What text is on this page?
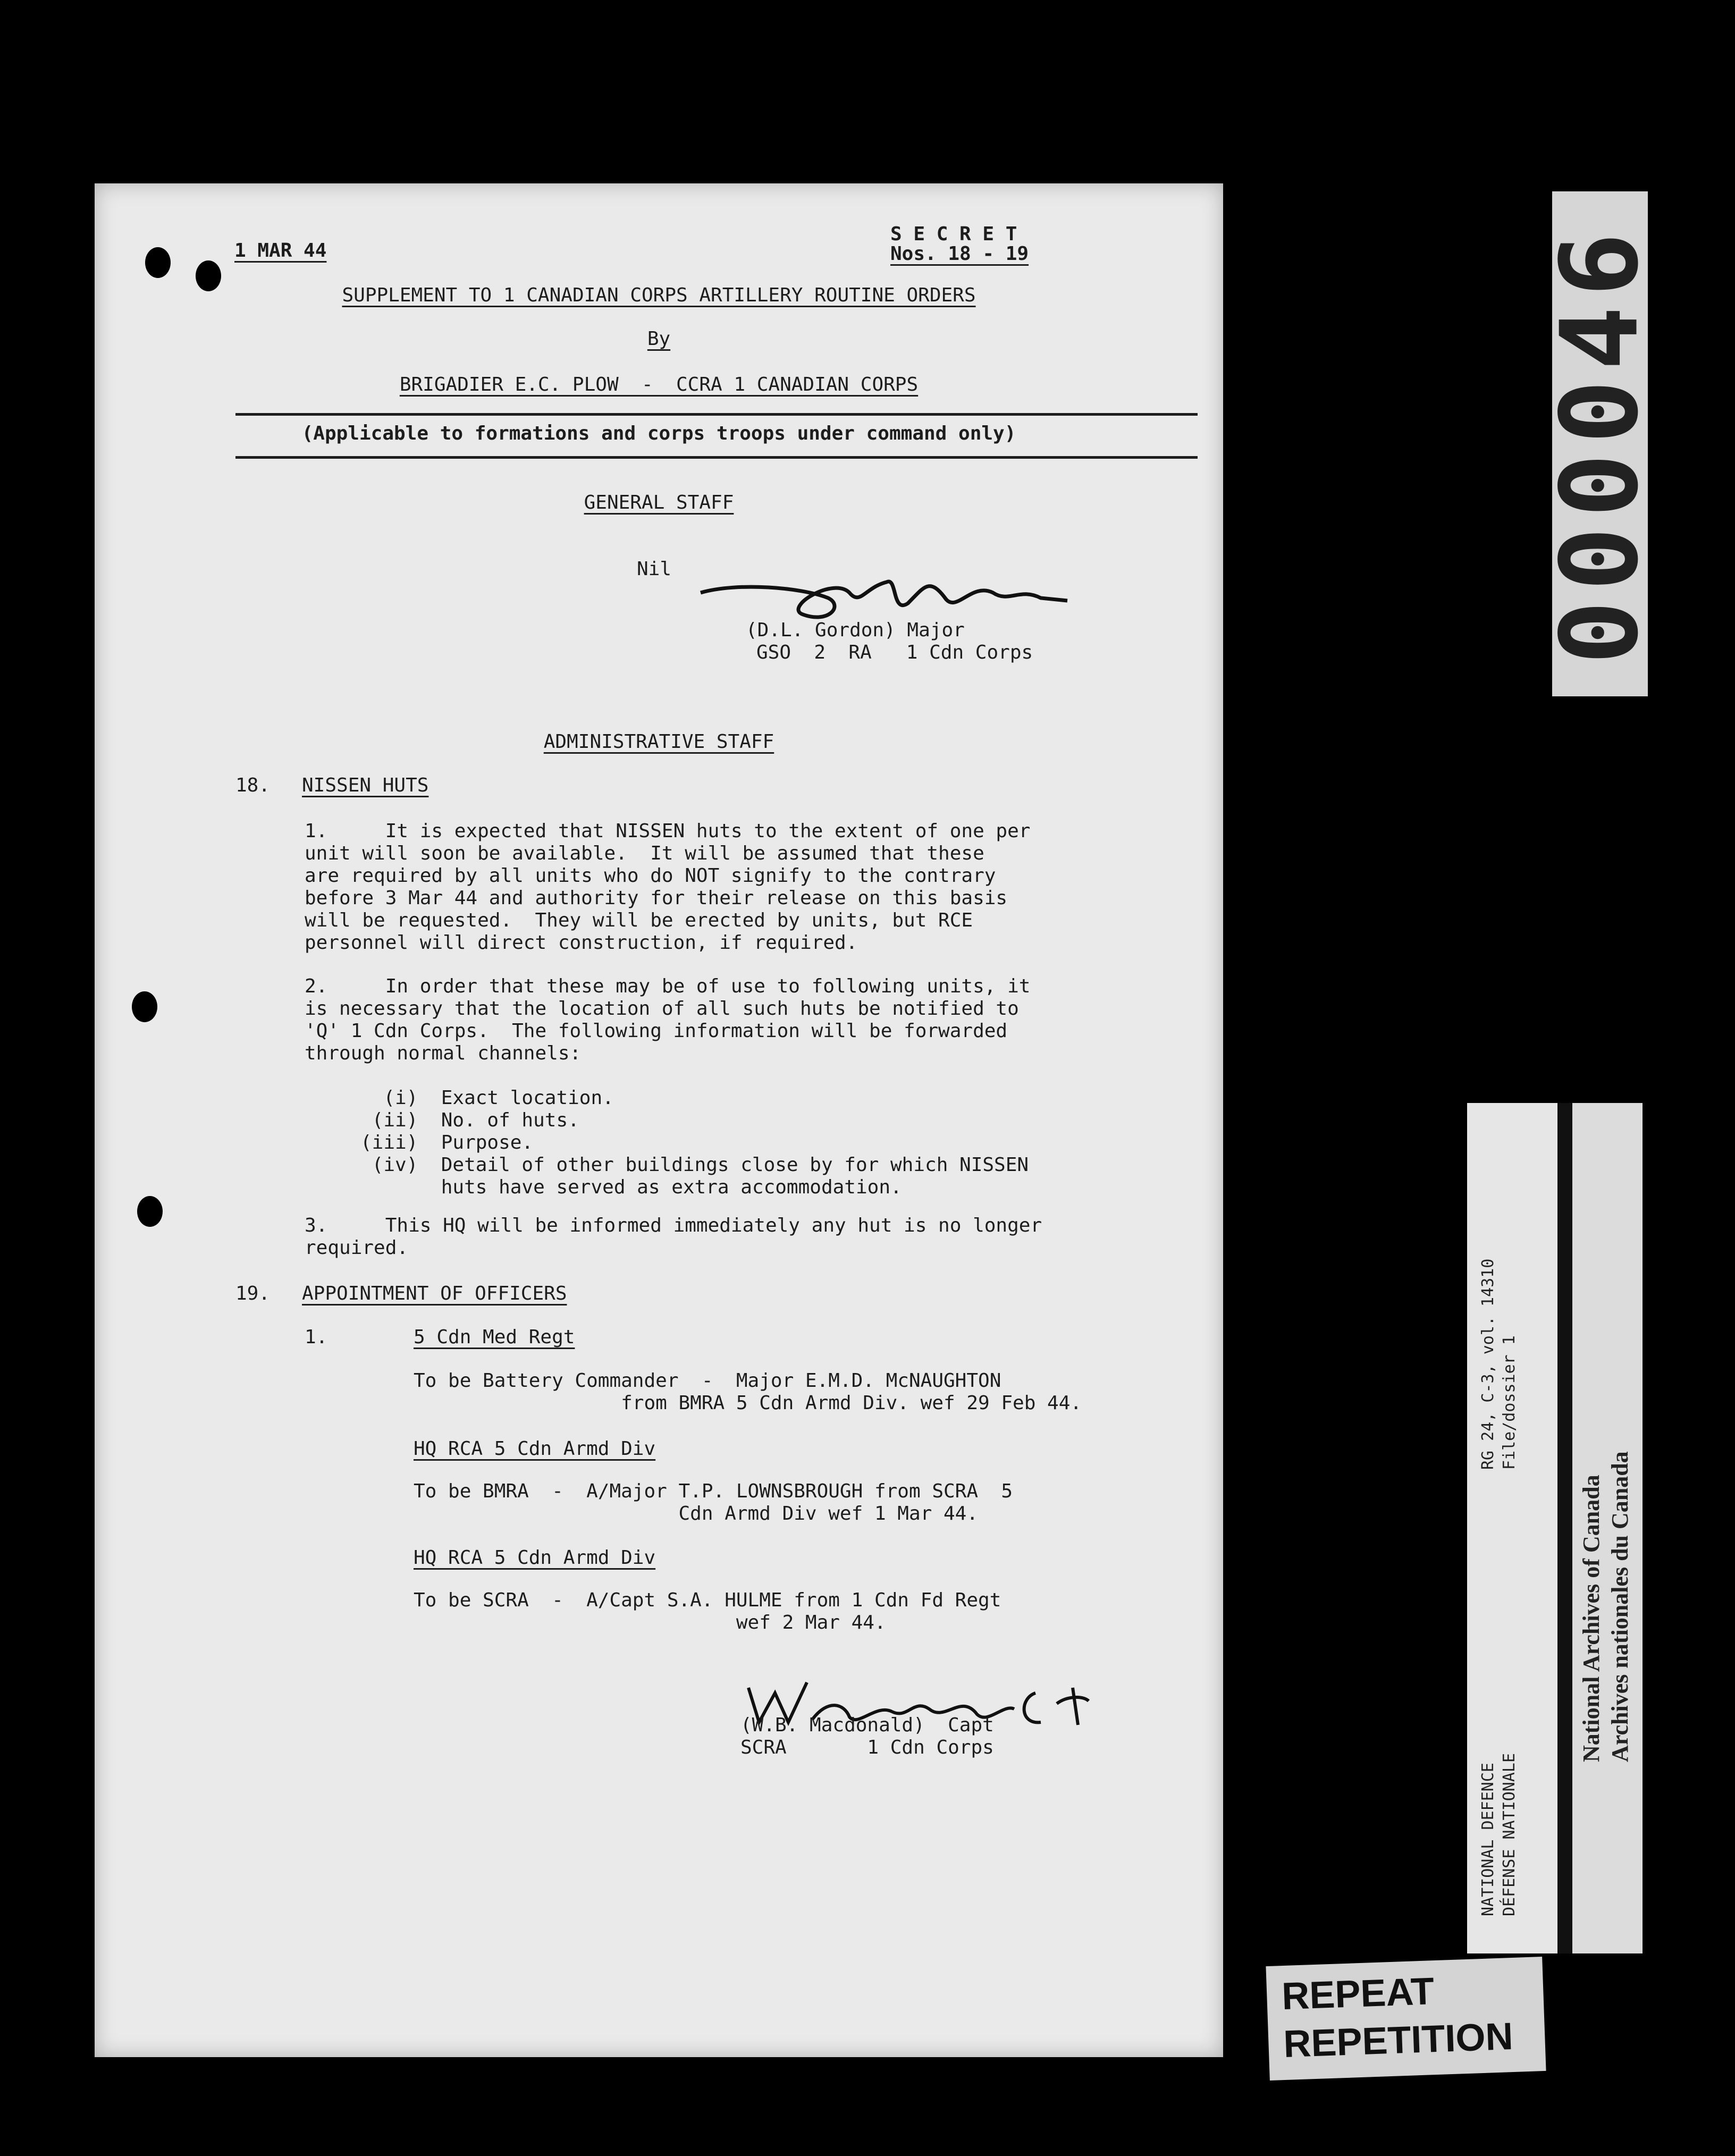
1 MAR 44
S E C R E T
Nos. 18 - 19
SUPPLEMENT TO 1 CANADIAN CORPS ARTILLERY ROUTINE ORDERS
By
BRIGADIER E.C. PLOW  -  CCRA 1 CANADIAN CORPS
(Applicable to formations and corps troops under command only)
GENERAL STAFF
Nil
(D.L. Gordon) Major
GSO  2  RA   1 Cdn Corps
ADMINISTRATIVE STAFF
18. NISSEN HUTS
1.     It is expected that NISSEN huts to the extent of one per
unit will soon be available.  It will be assumed that these
are required by all units who do NOT signify to the contrary
before 3 Mar 44 and authority for their release on this basis
will be requested.  They will be erected by units, but RCE
personnel will direct construction, if required.
2.     In order that these may be of use to following units, it
is necessary that the location of all such huts be notified to
'Q' 1 Cdn Corps.  The following information will be forwarded
through normal channels:
(i)  Exact location.
(ii)  No. of huts.
(iii)  Purpose.
(iv)  Detail of other buildings close by for which NISSEN
huts have served as extra accommodation.
3.     This HQ will be informed immediately any hut is no longer
required.
19. APPOINTMENT OF OFFICERS
1.	5 Cdn Med Regt
To be Battery Commander  -  Major E.M.D. McNAUGHTON
from BMRA 5 Cdn Armd Div. wef 29 Feb 44.
HQ RCA 5 Cdn Armd Div
To be BMRA  -  A/Major T.P. LOWNSBROUGH from SCRA  5
Cdn Armd Div wef 1 Mar 44.
HQ RCA 5 Cdn Armd Div
To be SCRA  -  A/Capt S.A. HULME from 1 Cdn Fd Regt
wef 2 Mar 44.
(W.B. Macdonald)  Capt
SCRA       1 Cdn Corps
000046
RG 24, C-3, vol. 14310 File/dossier 1
NATIONAL DEFENCE DÉFENSE NATIONALE
National Archives of Canada Archives nationales du Canada
REPEAT
REPETITION
